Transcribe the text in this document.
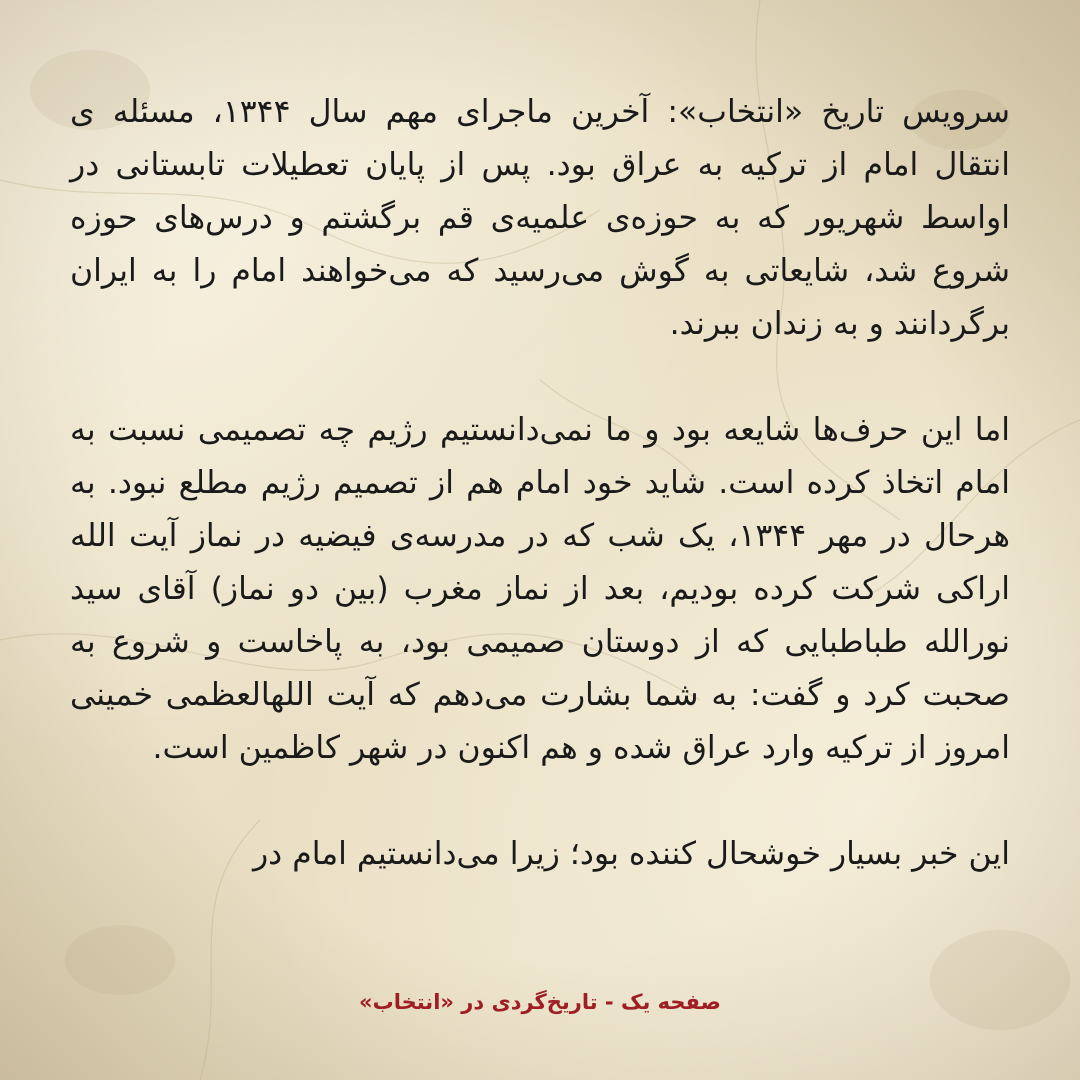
سرویس تاریخ «انتخاب»: آخرین ماجرای مهم سال ۱۳۴۴، مسئله ی انتقال امام از ترکیه به عراق بود. پس از پایان تعطیلات تابستانی در اواسط شهریور که به حوزه‌ی علمیه‌ی قم برگشتم و درس‌های حوزه شروع شد، شایعاتی به گوش می‌رسید که می‌خواهند امام را به ایران برگردانند و به زندان ببرند.

اما این حرف‌ها شایعه بود و ما نمی‌دانستیم رژیم چه تصمیمی نسبت به امام اتخاذ کرده است. شاید خود امام هم از تصمیم رژیم مطلع نبود. به هرحال در مهر ۱۳۴۴، یک شب که در مدرسه‌ی فیضیه در نماز آیت الله اراکی شرکت کرده بودیم، بعد از نماز مغرب (بین دو نماز) آقای سید نورالله طباطبایی که از دوستان صمیمی بود، به پاخاست و شروع به صحبت کرد و گفت: به شما بشارت می‌دهم که آیت اللهالعظمی خمینی امروز از ترکیه وارد عراق شده و هم اکنون در شهر کاظمین است.

این خبر بسیار خوشحال کننده بود؛ زیرا می‌دانستیم امام در

صفحه یک - تاریخ‌گردی در «انتخاب»
